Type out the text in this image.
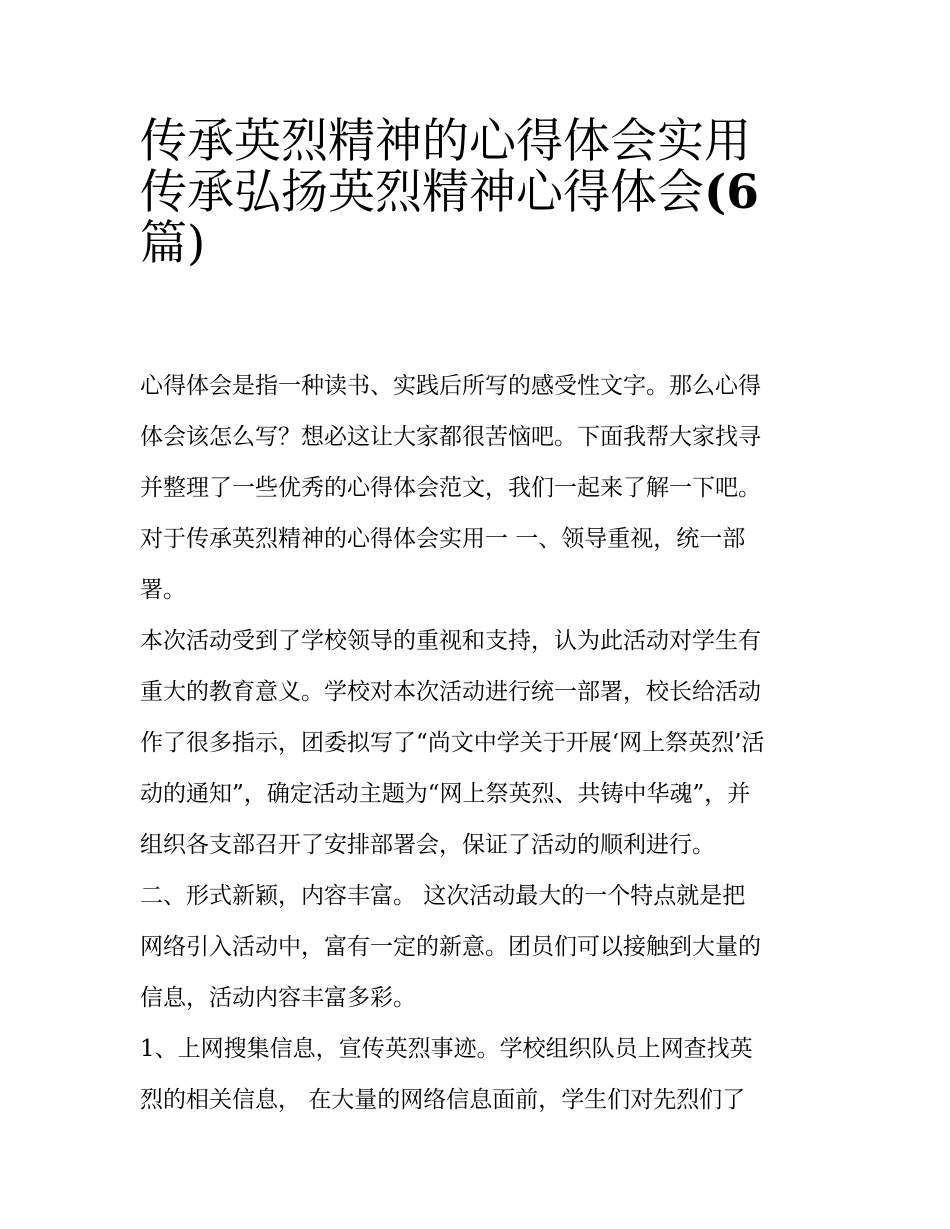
传承英烈精神的心得体会实用
传承弘扬英烈精神心得体会(6
篇)
心得体会是指一种读书、实践后所写的感受性文字。那么心得
体会该怎么写？想必这让大家都很苦恼吧。下面我帮大家找寻
并整理了一些优秀的心得体会范文，我们一起来了解一下吧。
对于传承英烈精神的心得体会实用一 一、领导重视，统一部
署。
本次活动受到了学校领导的重视和支持，认为此活动对学生有
重大的教育意义。学校对本次活动进行统一部署，校长给活动
作了很多指示，团委拟写了“尚文中学关于开展‘网上祭英烈’活
动的通知”，确定活动主题为“网上祭英烈、共铸中华魂”，并
组织各支部召开了安排部署会，保证了活动的顺利进行。
二、形式新颖，内容丰富。 这次活动最大的一个特点就是把
网络引入活动中，富有一定的新意。团员们可以接触到大量的
信息，活动内容丰富多彩。
1、上网搜集信息，宣传英烈事迹。学校组织队员上网查找英
烈的相关信息， 在大量的网络信息面前，学生们对先烈们了
